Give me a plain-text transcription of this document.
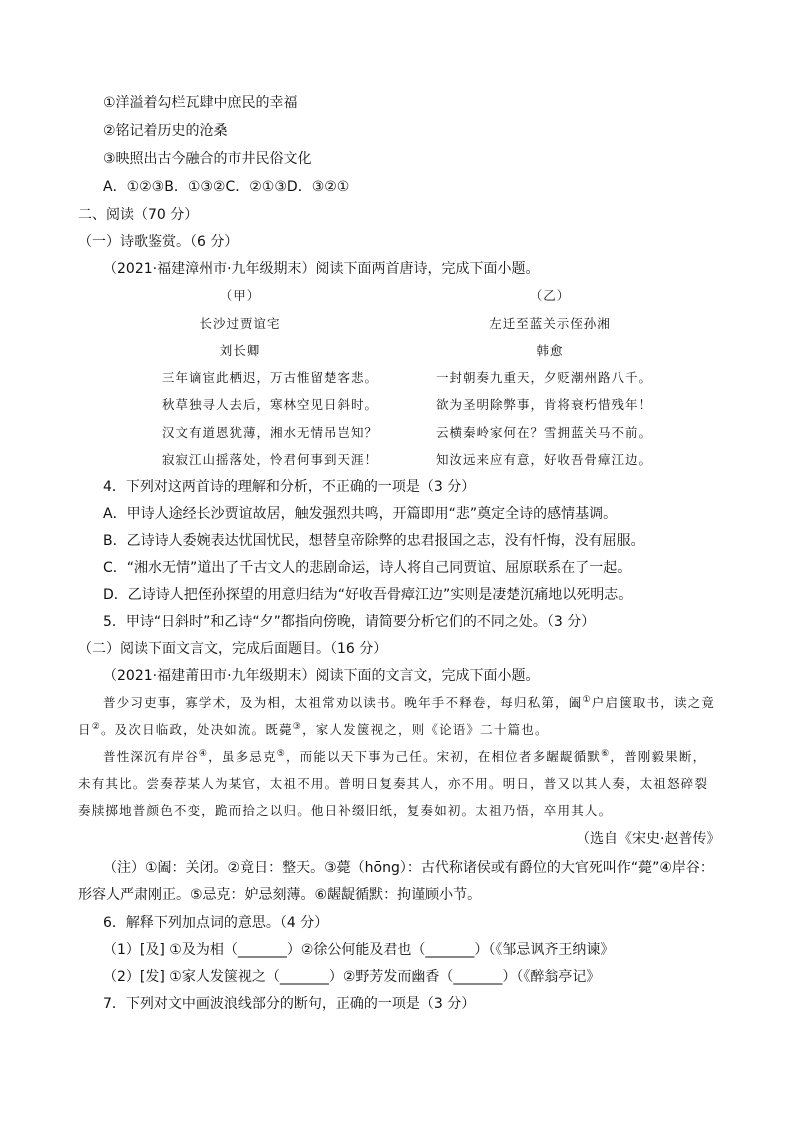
①洋溢着勾栏瓦肆中庶民的幸福
②铭记着历史的沧桑
③映照出古今融合的市井民俗文化
A．①②③B．①③②C．②①③D．③②①
二、阅读（70 分）
（一）诗歌鉴赏。（6 分）
（2021·福建漳州市·九年级期末）阅读下面两首唐诗，完成下面小题。
（甲）
长沙过贾谊宅
刘长卿
三年谪宦此栖迟，万古惟留楚客悲。
秋草独寻人去后，寒林空见日斜时。
汉文有道恩犹薄，湘水无情吊岂知？
寂寂江山摇落处，怜君何事到天涯！
（乙）
左迁至蓝关示侄孙湘
韩愈
一封朝奏九重天，夕贬潮州路八千。
欲为圣明除弊事，肯将衰朽惜残年！
云横秦岭家何在？雪拥蓝关马不前。
知汝远来应有意，好收吾骨瘴江边。
4．下列对这两首诗的理解和分析，不正确的一项是（3 分）
A．甲诗人途经长沙贾谊故居，触发强烈共鸣，开篇即用“悲”奠定全诗的感情基调。
B．乙诗诗人委婉表达忧国忧民，想替皇帝除弊的忠君报国之志，没有忏悔，没有屈服。
C．“湘水无情”道出了千古文人的悲剧命运，诗人将自己同贾谊、屈原联系在了一起。
D．乙诗诗人把侄孙探望的用意归结为“好收吾骨瘴江边”实则是凄楚沉痛地以死明志。
5．甲诗“日斜时”和乙诗“夕”都指向傍晚，请简要分析它们的不同之处。（3 分）
（二）阅读下面文言文，完成后面题目。（16 分）
（2021·福建莆田市·九年级期末）阅读下面的文言文，完成下面小题。
普少习吏事，寡学术，及为相，太祖常劝以读书。晚年手不释卷，每归私第，阖①户启箧取书，读之竟
日②。及次日临政，处决如流。既薨③，家人发箧视之，则《论语》二十篇也。
普性深沉有岸谷④，虽多忌克⑤，而能以天下事为己任。宋初，在相位者多龌龊循默⑥，普刚毅果断，
未有其比。尝奏荐某人为某官，太祖不用。普明日复奏其人，亦不用。明日，普又以其人奏，太祖怒碎裂
奏牍掷地普颜色不变，跪而拾之以归。他日补缀旧纸，复奏如初。太祖乃悟，卒用其人。
（选自《宋史·赵普传》
（注）①阖：关闭。②竟日：整天。③薨（hōng）：古代称诸侯或有爵位的大官死叫作“薨”④岸谷：
形容人严肃刚正。⑤忌克：妒忌刻薄。⑥龌龊循默：拘谨顾小节。
6．解释下列加点词的意思。（4 分）
（1）[及] ①及为相（_______）②徐公何能及君也（_______）（《邹忌讽齐王纳谏》
（2）[发] ①家人发箧视之（_______）②野芳发而幽香（_______）（《醉翁亭记》
7．下列对文中画波浪线部分的断句，正确的一项是（3 分）
